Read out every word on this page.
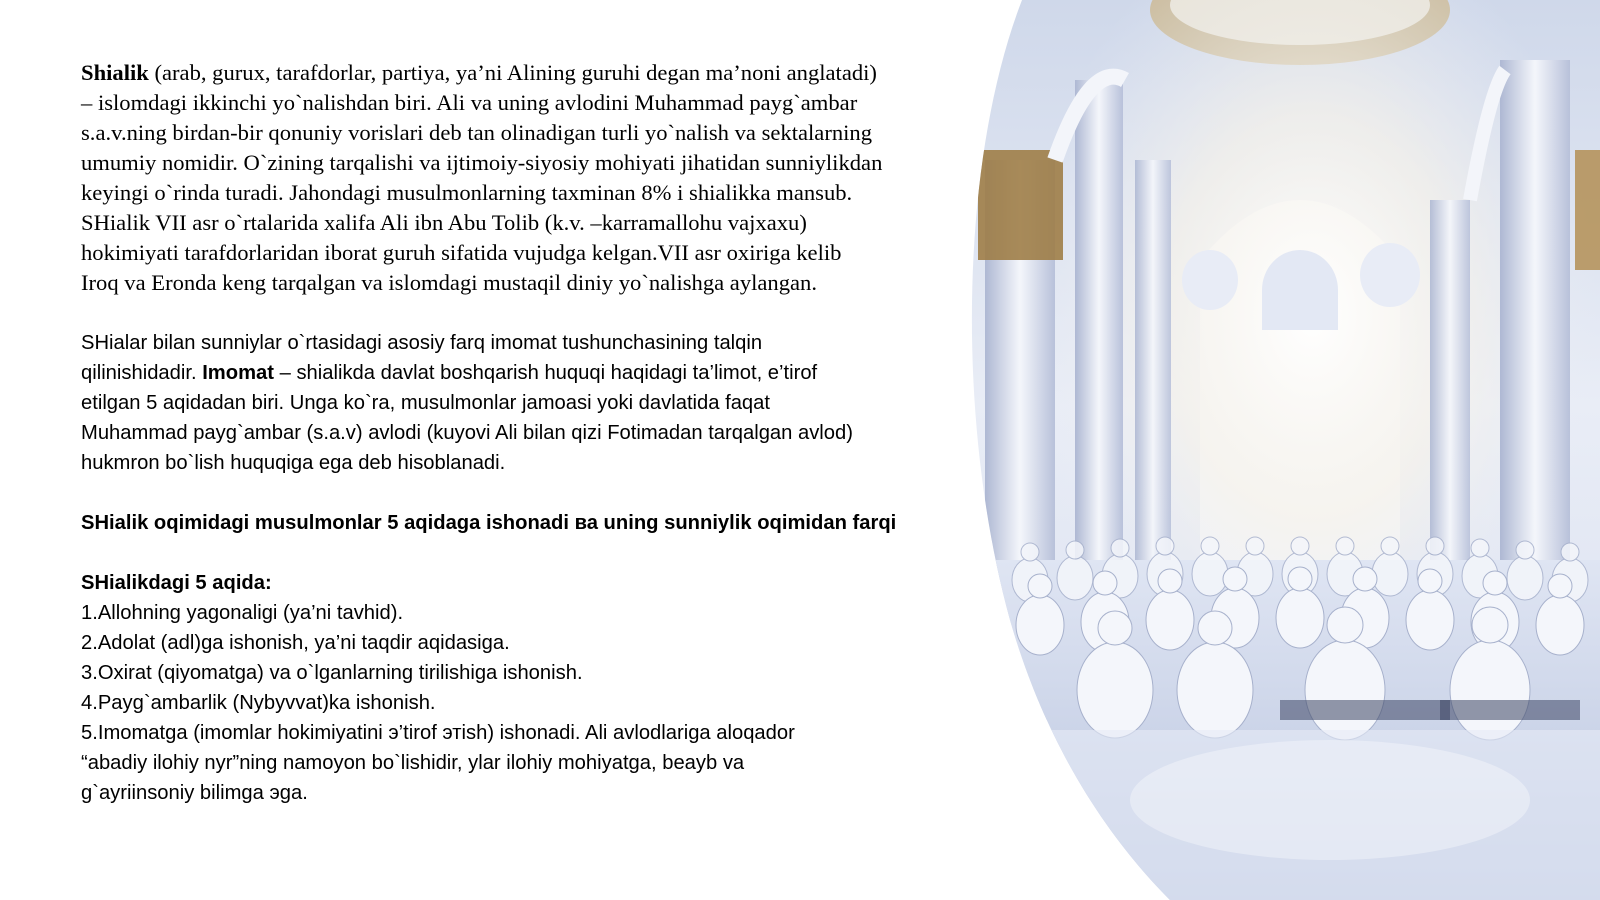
Shialik (arab, gurux, tarafdorlar, partiya, ya’ni Alining guruhi degan ma’noni anglatadi)
– islomdagi ikkinchi yo`nalishdan biri. Ali va uning avlodini Muhammad payg`ambar
s.a.v.ning birdan-bir qonuniy vorislari deb tan olinadigan turli yo`nalish va sektalarning
umumiy nomidir. O`zining tarqalishi va ijtimoiy-siyosiy mohiyati jihatidan sunniylikdan
keyingi o`rinda turadi. Jahondagi musulmonlarning taxminan 8% i shialikka mansub.
SHialik VII asr o`rtalarida xalifa Ali ibn Abu Tolib (k.v. –karramallohu vajxaxu)
hokimiyati tarafdorlaridan iborat guruh sifatida vujudga kelgan.VII asr oxiriga kelib
Iroq va Eronda keng tarqalgan va islomdagi mustaqil diniy yo`nalishga aylangan.

SHialar bilan sunniylar o`rtasidagi asosiy farq imomat tushunchasining talqin
qilinishidadir. Imomat – shialikda davlat boshqarish huquqi haqidagi ta’limot, e’tirof
etilgan 5 aqidadan biri. Unga ko`ra, musulmonlar jamoasi yoki davlatida faqat
Muhammad payg`ambar (s.a.v) avlodi (kuyovi Ali bilan qizi Fotimadan tarqalgan avlod)
hukmron bo`lish huquqiga ega deb hisoblanadi.

SHialik oqimidagi musulmonlar 5 aqidaga ishonadi ва uning sunniylik oqimidan farqi

SHialikdagi 5 aqida:
1.Allohning yagonaligi (ya’ni tavhid).
2.Adolat (adl)ga ishonish, ya’ni taqdir aqidasiga.
3.Oxirat (qiyomatga) va o`lganlarning tirilishiga ishonish.
4.Payg`ambarlik (Nybyvvat)ka ishonish.
5.Imomatga (imomlar hokimiyatini э’tirof этish) ishonadi. Ali avlodlariga aloqador
“abadiy ilohiy nyr”ning namoyon bo`lishidir, ylar ilohiy mohiyatga, beayb va
g`ayriinsoniy bilimga эga.
